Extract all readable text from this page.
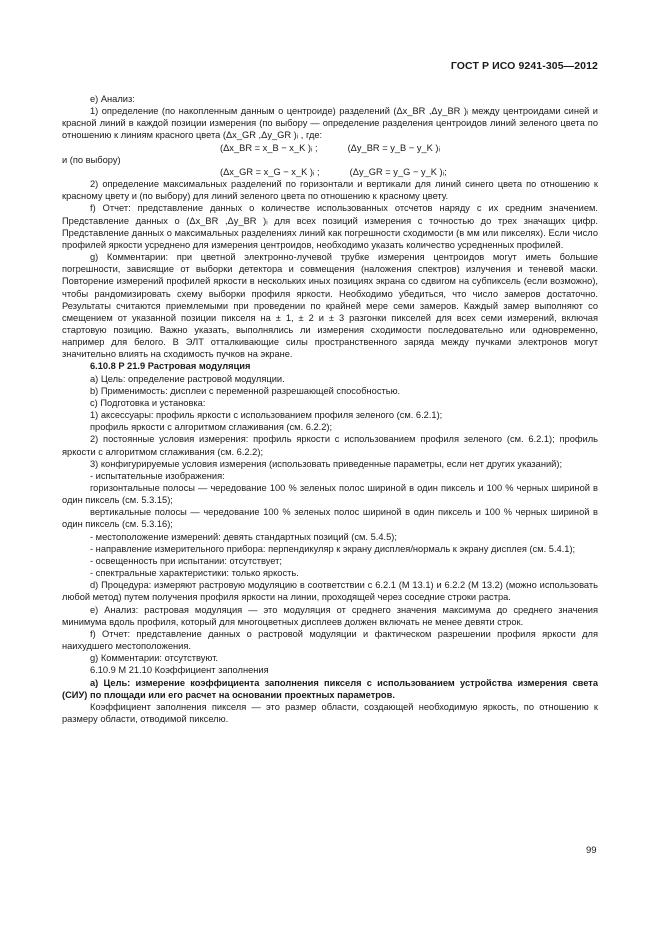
ГОСТ Р ИСО 9241-305—2012

e) Анализ:

1) определение (по накопленным данным о центроиде) разделений (Δx_BR ,Δy_BR )ᵢ между центроидами синей и красной линий в каждой позиции измерения (по выбору — определение разделения центроидов линий зеленого цвета по отношению к линиям красного цвета (Δx_GR ,Δy_GR )ᵢ , где:

(Δx_BR = x_B − x_K )ᵢ ;	(Δy_BR = y_B − y_K )ᵢ

и (по выбору)

(Δx_GR = x_G − x_K )ᵢ ;	(Δy_GR = y_G − y_K )ᵢ;

2) определение максимальных разделений по горизонтали и вертикали для линий синего цвета по отношению к красному цвету и (по выбору) для линий зеленого цвета по отношению к красному цвету.

f) Отчет: представление данных о количестве использованных отсчетов наряду с их средним значением. Представление данных о (Δx_BR ,Δy_BR )ᵢ для всех позиций измерения с точностью до трех значащих цифр. Представление данных о максимальных разделениях линий как погрешности сходимости (в мм или пикселях). Если число профилей яркости усреднено для измерения центроидов, необходимо указать количество усредненных профилей.

g) Комментарии: при цветной электронно-лучевой трубке измерения центроидов могут иметь большие погрешности, зависящие от выборки детектора и совмещения (наложения спектров) излучения и теневой маски. Повторение измерений профилей яркости в нескольких иных позициях экрана со сдвигом на субпиксель (если возможно), чтобы рандомизировать схему выборки профиля яркости. Необходимо убедиться, что число замеров достаточно. Результаты считаются приемлемыми при проведении по крайней мере семи замеров. Каждый замер выполняют со смещением от указанной позиции пикселя на ± 1, ± 2 и ± 3 разгонки пикселей для всех семи измерений, включая стартовую позицию. Важно указать, выполнялись ли измерения сходимости последовательно или одновременно, например для белого. В ЭЛТ отталкивающие силы пространственного заряда между пучками электронов могут значительно влиять на сходимость пучков на экране.

6.10.8 P 21.9 Растровая модуляция

a) Цель: определение растровой модуляции.

b) Применимость: дисплеи с переменной разрешающей способностью.

c) Подготовка и установка:

1) аксессуары: профиль яркости с использованием профиля зеленого (см. 6.2.1);

профиль яркости с алгоритмом сглаживания (см. 6.2.2);

2) постоянные условия измерения: профиль яркости с использованием профиля зеленого (см. 6.2.1); профиль яркости с алгоритмом сглаживания (см. 6.2.2);

3) конфигурируемые условия измерения (использовать приведенные параметры, если нет других указаний);

- испытательные изображения:

горизонтальные полосы — чередование 100 % зеленых полос шириной в один пиксель и 100 % черных шириной в один пиксель (см. 5.3.15);

вертикальные полосы — чередование 100 % зеленых полос шириной в один пиксель и 100 % черных шириной в один пиксель (см. 5.3.16);

- местоположение измерений: девять стандартных позиций (см. 5.4.5);

- направление измерительного прибора: перпендикуляр к экрану дисплея/нормаль к экрану дисплея (см. 5.4.1);

- освещенность при испытании: отсутствует;

- спектральные характеристики: только яркость.

d) Процедура: измеряют растровую модуляцию в соответствии с 6.2.1 (M 13.1) и 6.2.2 (M 13.2) (можно использовать любой метод) путем получения профиля яркости на линии, проходящей через соседние строки растра.

e) Анализ: растровая модуляция — это модуляция от среднего значения максимума до среднего значения минимума вдоль профиля, который для многоцветных дисплеев должен включать не менее девяти строк.

f) Отчет: представление данных о растровой модуляции и фактическом разрешении профиля яркости для наихудшего местоположения.

g) Комментарии: отсутствуют.

6.10.9 M 21.10 Коэффициент заполнения

a) Цель: измерение коэффициента заполнения пикселя с использованием устройства измерения света (СИУ) по площади или его расчет на основании проектных параметров.

Коэффициент заполнения пикселя — это размер области, создающей необходимую яркость, по отношению к размеру области, отводимой пикселю.

99
